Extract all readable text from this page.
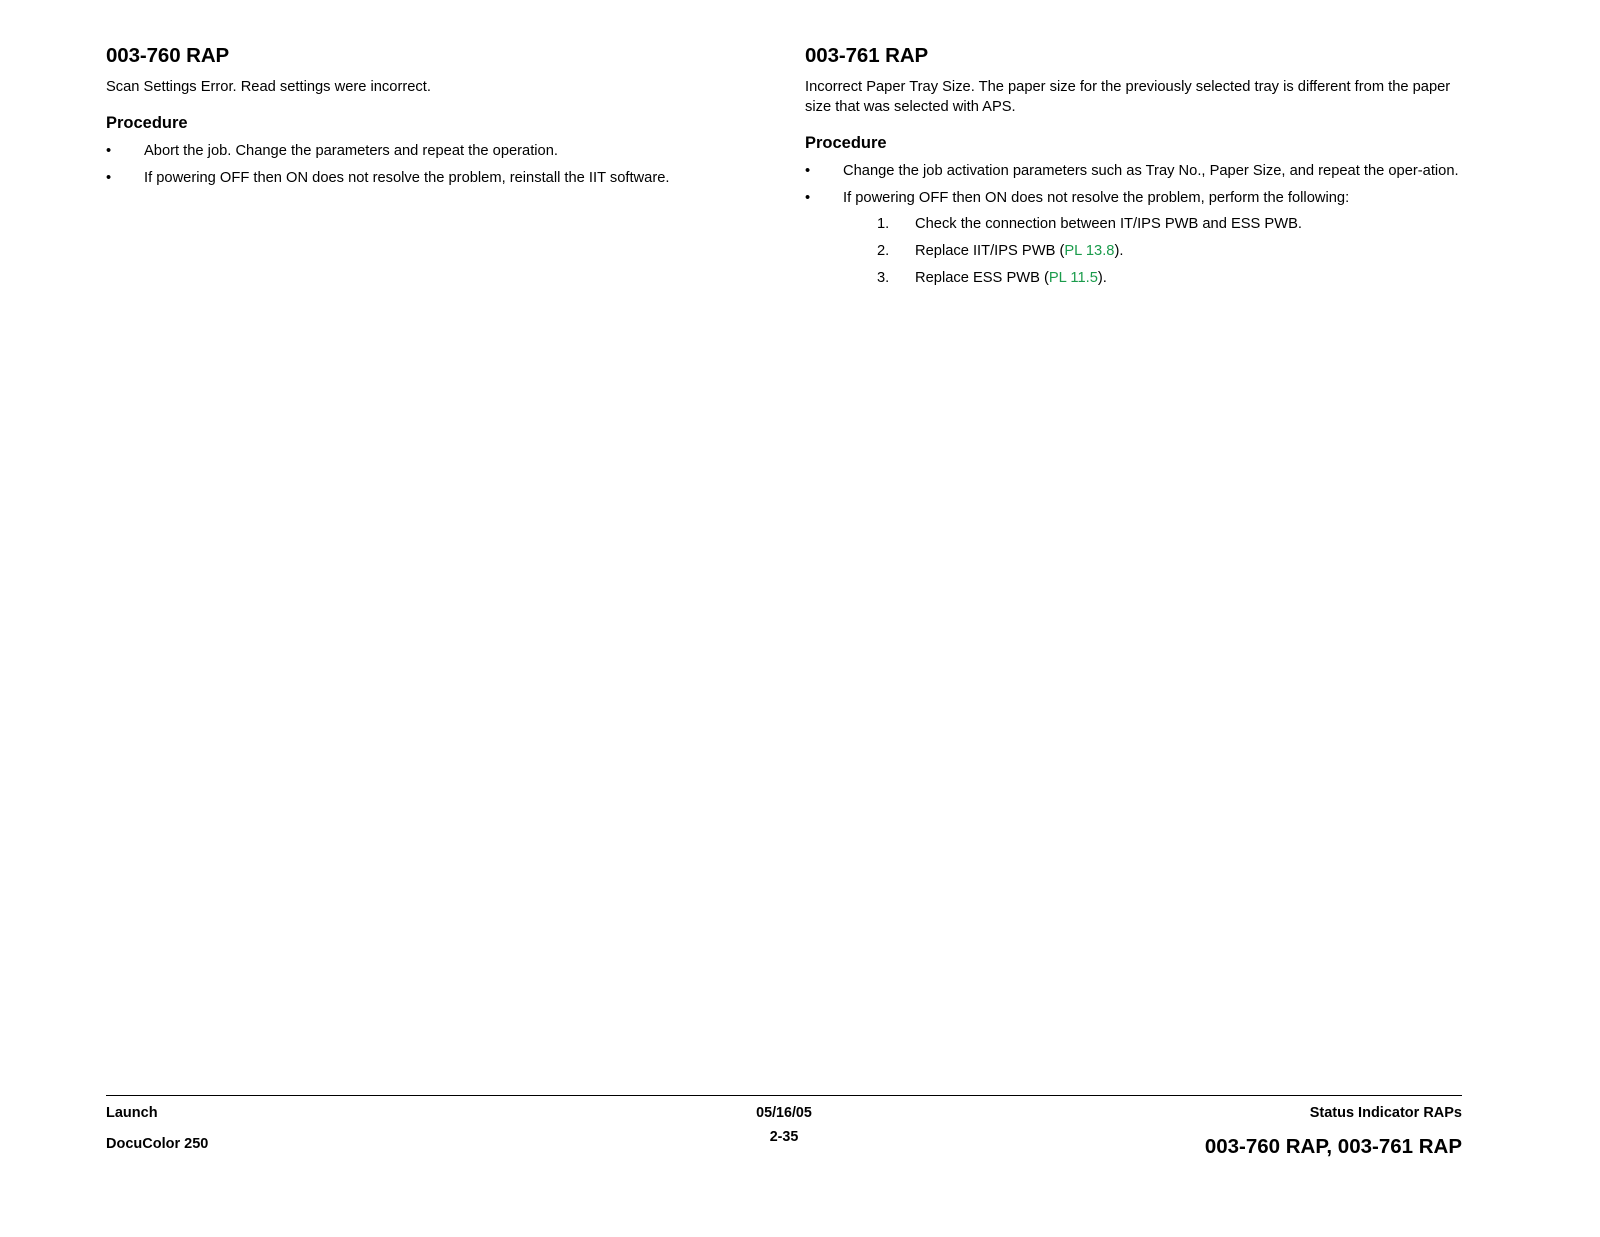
003-760 RAP

Scan Settings Error. Read settings were incorrect.

Procedure
• Abort the job. Change the parameters and repeat the operation.
• If powering OFF then ON does not resolve the problem, reinstall the IIT software.
003-761 RAP

Incorrect Paper Tray Size. The paper size for the previously selected tray is different from the paper size that was selected with APS.

Procedure
• Change the job activation parameters such as Tray No., Paper Size, and repeat the oper-ation.
• If powering OFF then ON does not resolve the problem, perform the following:
1. Check the connection between IT/IPS PWB and ESS PWB.
2. Replace IIT/IPS PWB (PL 13.8).
3. Replace ESS PWB (PL 11.5).
Launch
DocuColor 250
05/16/05
2-35
Status Indicator RAPs
003-760 RAP, 003-761 RAP
